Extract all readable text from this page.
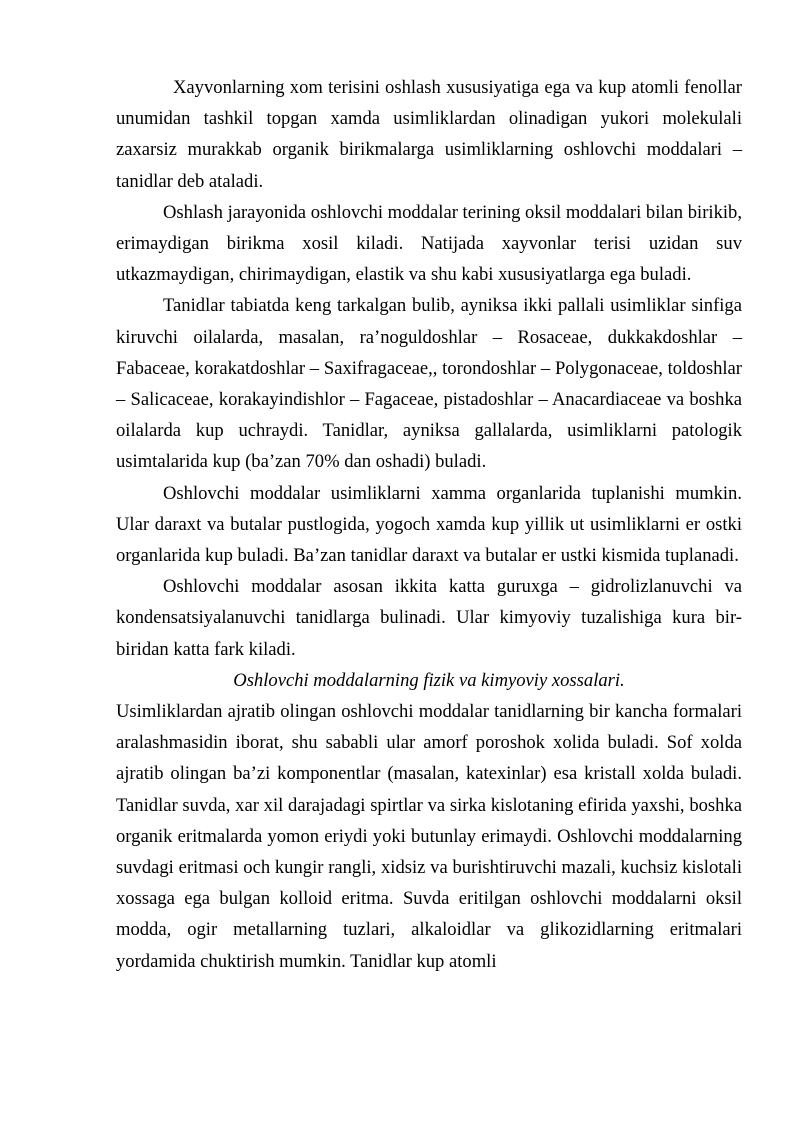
Xayvonlarning xom terisini oshlash xususiyatiga ega va kup atomli fenollar unumidan tashkil topgan xamda usimliklardan olinadigan yukori molekulali zaxarsiz murakkab organik birikmalarga usimliklarning oshlovchi moddalari – tanidlar deb ataladi.

Oshlash jarayonida oshlovchi moddalar terining oksil moddalari bilan birikib, erimaydigan birikma xosil kiladi. Natijada xayvonlar terisi uzidan suv utkazmaydigan, chirimaydigan, elastik va shu kabi xususiyatlarga ega buladi.

Tanidlar tabiatda keng tarkalgan bulib, ayniksa ikki pallali usimliklar sinfiga kiruvchi oilalarda, masalan, ra’noguldoshlar – Rosaceae, dukkakdoshlar – Fabaceae, korakatdoshlar – Saxifragaceae,, torondoshlar – Polygonaceae, toldoshlar – Salicaceae, korakayindishlor – Fagaceae, pistadoshlar – Anacardiaceae va boshka oilalarda kup uchraydi. Tanidlar, ayniksa gallalarda, usimliklarni patologik usimtalarida kup (ba’zan 70% dan oshadi) buladi.

Oshlovchi moddalar usimliklarni xamma organlarida tuplanishi mumkin. Ular daraxt va butalar pustlogida, yogoch xamda kup yillik ut usimliklarni er ostki organlarida kup buladi. Ba’zan tanidlar daraxt va butalar er ustki kismida tuplanadi.

Oshlovchi moddalar asosan ikkita katta guruxga – gidrolizlanuvchi va kondensatsiyalanuvchi tanidlarga bulinadi. Ular kimyoviy tuzalishiga kura bir-biridan katta fark kiladi.

Oshlovchi moddalarning fizik va kimyoviy xossalari.

Usimliklardan ajratib olingan oshlovchi moddalar tanidlarning bir kancha formalari aralashmasidin iborat, shu sababli ular amorf poroshok xolida buladi. Sof xolda ajratib olingan ba’zi komponentlar (masalan, katexinlar) esa kristall xolda buladi. Tanidlar suvda, xar xil darajadagi spirtlar va sirka kislotaning efirida yaxshi, boshka organik eritmalarda yomon eriydi yoki butunlay erimaydi. Oshlovchi moddalarning suvdagi eritmasi och kungir rangli, xidsiz va burishtiruvchi mazali, kuchsiz kislotali xossaga ega bulgan kolloid eritma. Suvda eritilgan oshlovchi moddalarni oksil modda, ogir metallarning tuzlari, alkaloidlar va glikozidlarning eritmalari yordamida chuktirish mumkin. Tanidlar kup atomli
